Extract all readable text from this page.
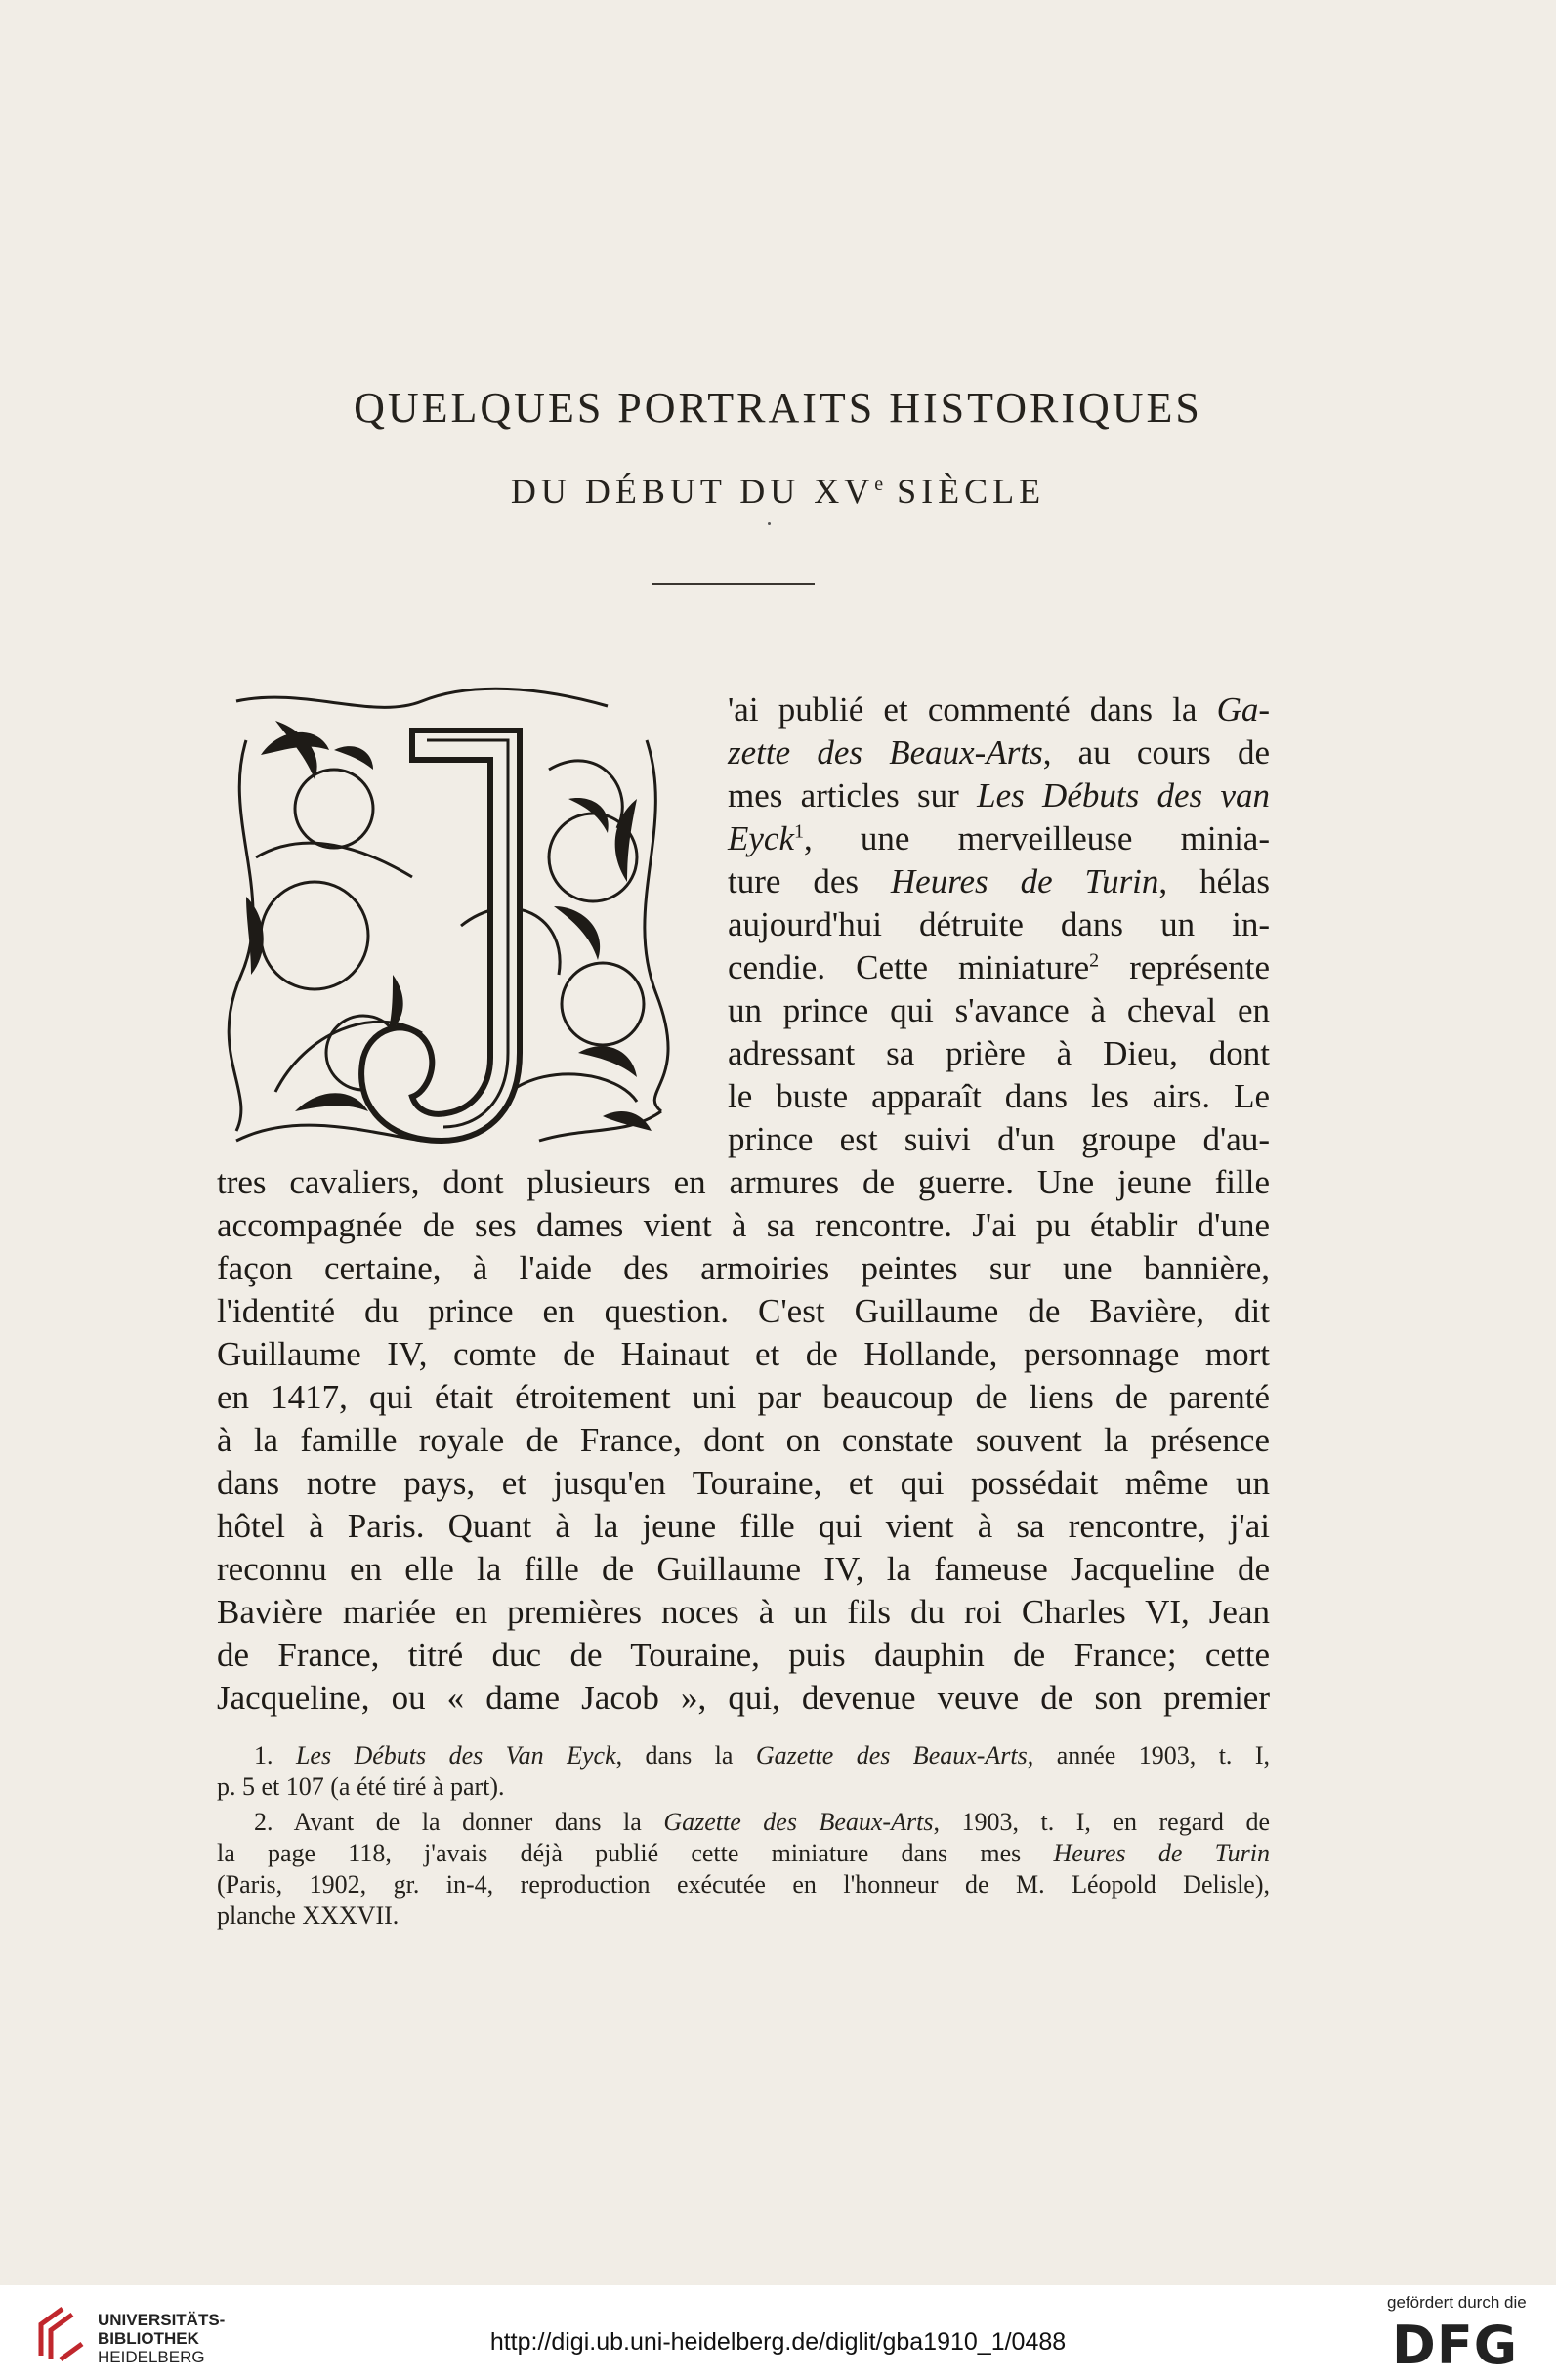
QUELQUES PORTRAITS HISTORIQUES
DU DÉBUT DU XVe SIÈCLE
'ai publié et commenté dans la Ga-
zette des Beaux-Arts, au cours de
mes articles sur Les Débuts des van
Eyck$^1$, une merveilleuse minia-
ture des Heures de Turin, hélas
aujourd'hui détruite dans un in-
cendie. Cette miniature$^2$ représente
un prince qui s'avance à cheval en
adressant sa prière à Dieu, dont
le buste apparaît dans les airs. Le
prince est suivi d'un groupe d'au-
tres cavaliers, dont plusieurs en armures de guerre. Une jeune fille
accompagnée de ses dames vient à sa rencontre. J'ai pu établir d'une
façon certaine, à l'aide des armoiries peintes sur une bannière,
l'identité du prince en question. C'est Guillaume de Bavière, dit
Guillaume IV, comte de Hainaut et de Hollande, personnage mort
en 1417, qui était étroitement uni par beaucoup de liens de parenté
à la famille royale de France, dont on constate souvent la présence
dans notre pays, et jusqu'en Touraine, et qui possédait même un
hôtel à Paris. Quant à la jeune fille qui vient à sa rencontre, j'ai
reconnu en elle la fille de Guillaume IV, la fameuse Jacqueline de
Bavière mariée en premières noces à un fils du roi Charles VI, Jean
de France, titré duc de Touraine, puis dauphin de France; cette
Jacqueline, ou « dame Jacob », qui, devenue veuve de son premier
1. Les Débuts des Van Eyck, dans la Gazette des Beaux-Arts, année 1903, t. I,
p. 5 et 107 (a été tiré à part).
2. Avant de la donner dans la Gazette des Beaux-Arts, 1903, t. I, en regard de
la page 118, j'avais déjà publié cette miniature dans mes Heures de Turin
(Paris, 1902, gr. in-4, reproduction exécutée en l'honneur de M. Léopold Delisle),
planche XXXVII.
UNIVERSITÄTS-
BIBLIOTHEK
HEIDELBERG
http://digi.ub.uni-heidelberg.de/diglit/gba1910_1/0488
gefördert durch die
DFG
